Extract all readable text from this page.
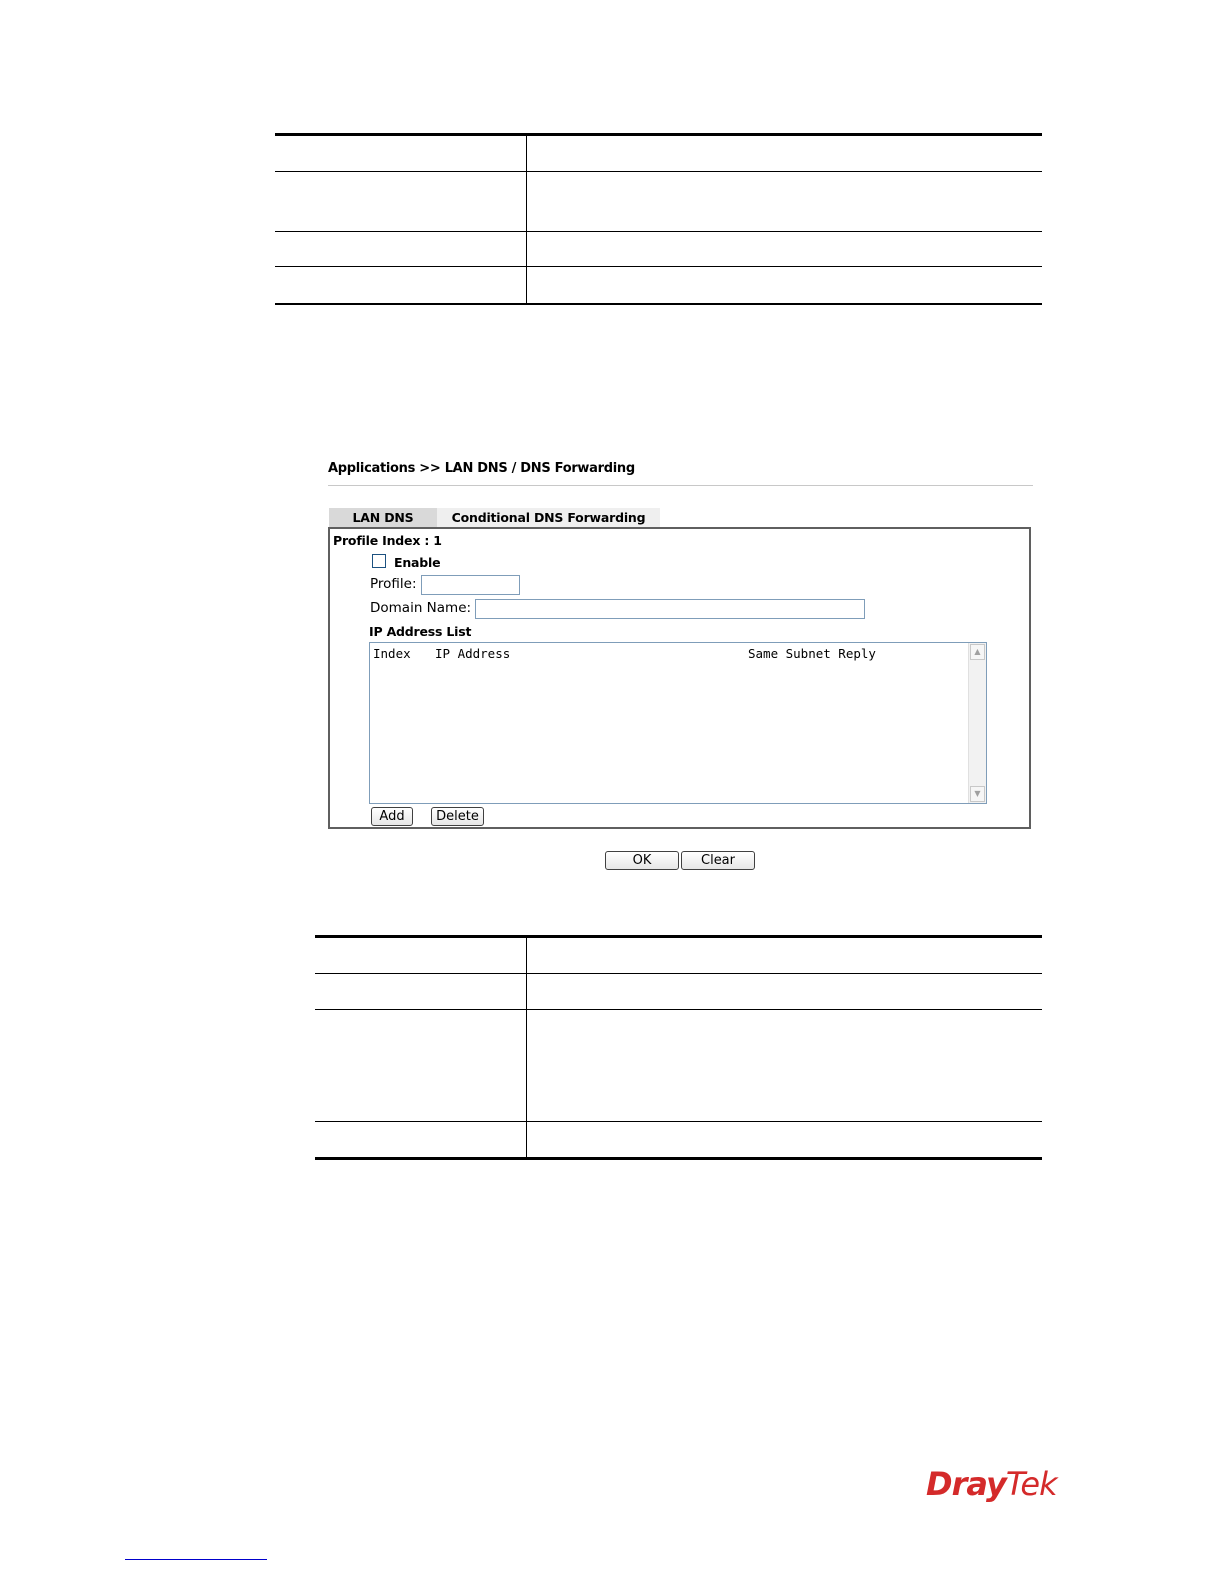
Applications >> LAN DNS / DNS Forwarding
LAN DNS	Conditional DNS Forwarding
Profile Index : 1
Enable
Profile:
Domain Name:
IP Address List
Index IP Address	Same Subnet Reply	▲
▼
Add	Delete
OK	Clear

DrayTek
